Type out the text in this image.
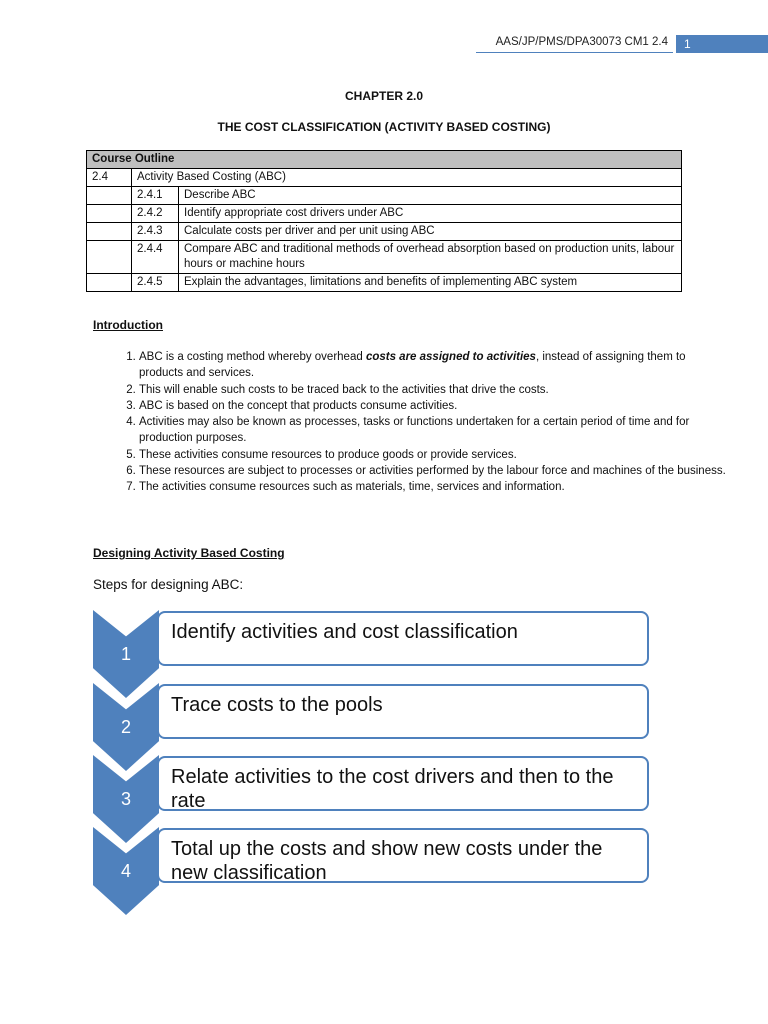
AAS/JP/PMS/DPA30073 CM1 2.4	1
CHAPTER 2.0
THE COST CLASSIFICATION (ACTIVITY BASED COSTING)
Course Outline		
2.4	Activity Based Costing (ABC)	
	2.4.1	Describe ABC
	2.4.2	Identify appropriate cost drivers under ABC
	2.4.3	Calculate costs per driver and per unit using ABC
	2.4.4	Compare ABC and traditional methods of overhead absorption based on production units, labour hours or machine hours
	2.4.5	Explain the advantages, limitations and benefits of implementing ABC system
Introduction
1. ABC is a costing method whereby overhead costs are assigned to activities, instead of assigning them to products and services.
2. This will enable such costs to be traced back to the activities that drive the costs.
3. ABC is based on the concept that products consume activities.
4. Activities may also be known as processes, tasks or functions undertaken for a certain period of time and for production purposes.
5. These activities consume resources to produce goods or provide services.
6. These resources are subject to processes or activities performed by the labour force and machines of the business.
7. The activities consume resources such as materials, time, services and information.
Designing Activity Based Costing
Steps for designing ABC:
1
Identify activities and cost classification
2
Trace costs to the pools
3
Relate activities to the cost drivers and then to the rate
4
Total up the costs and show new costs under the new classification
